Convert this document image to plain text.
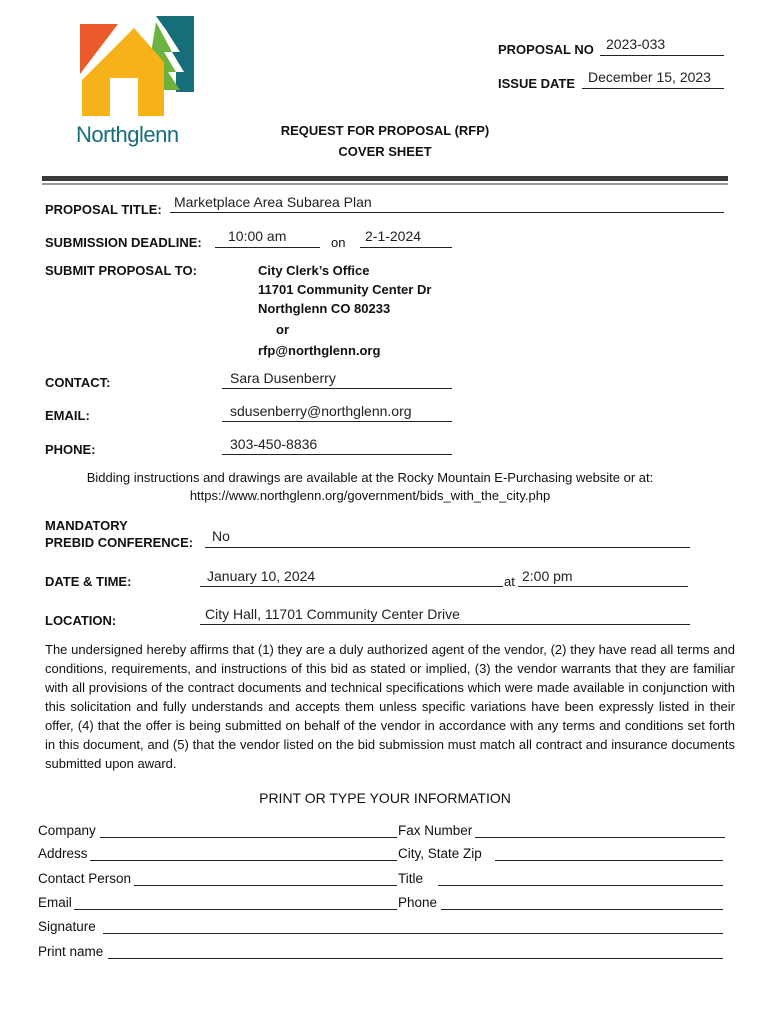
Northglenn
PROPOSAL NO 2023-033
ISSUE DATE December 15, 2023
REQUEST FOR PROPOSAL (RFP)
COVER SHEET
PROPOSAL TITLE: Marketplace Area Subarea Plan
SUBMISSION DEADLINE: 10:00 am	on 2-1-2024
SUBMIT PROPOSAL TO:	City Clerk’s Office
11701 Community Center Dr
Northglenn CO 80233
or
rfp@northglenn.org
CONTACT:	Sara Dusenberry
EMAIL:	sdusenberry@northglenn.org
PHONE:	303-450-8836
Bidding instructions and drawings are available at the Rocky Mountain E-Purchasing website or at:
https://www.northglenn.org/government/bids_with_the_city.php
MANDATORY
PREBID CONFERENCE: No
DATE & TIME:	January 10, 2024	at 2:00 pm
LOCATION:	City Hall, 11701 Community Center Drive
The undersigned hereby affirms that (1) they are a duly authorized agent of the vendor, (2) they have read all terms and conditions, requirements, and instructions of this bid as stated or implied, (3) the vendor warrants that they are familiar with all provisions of the contract documents and technical specifications which were made available in conjunction with this solicitation and fully understands and accepts them unless specific variations have been expressly listed in their offer, (4) that the offer is being submitted on behalf of the vendor in accordance with any terms and conditions set forth in this document, and (5) that the vendor listed on the bid submission must match all contract and insurance documents submitted upon award.
PRINT OR TYPE YOUR INFORMATION
Company	Fax Number
Address	City, State Zip
Contact Person	Title
Email	Phone
Signature
Print name
